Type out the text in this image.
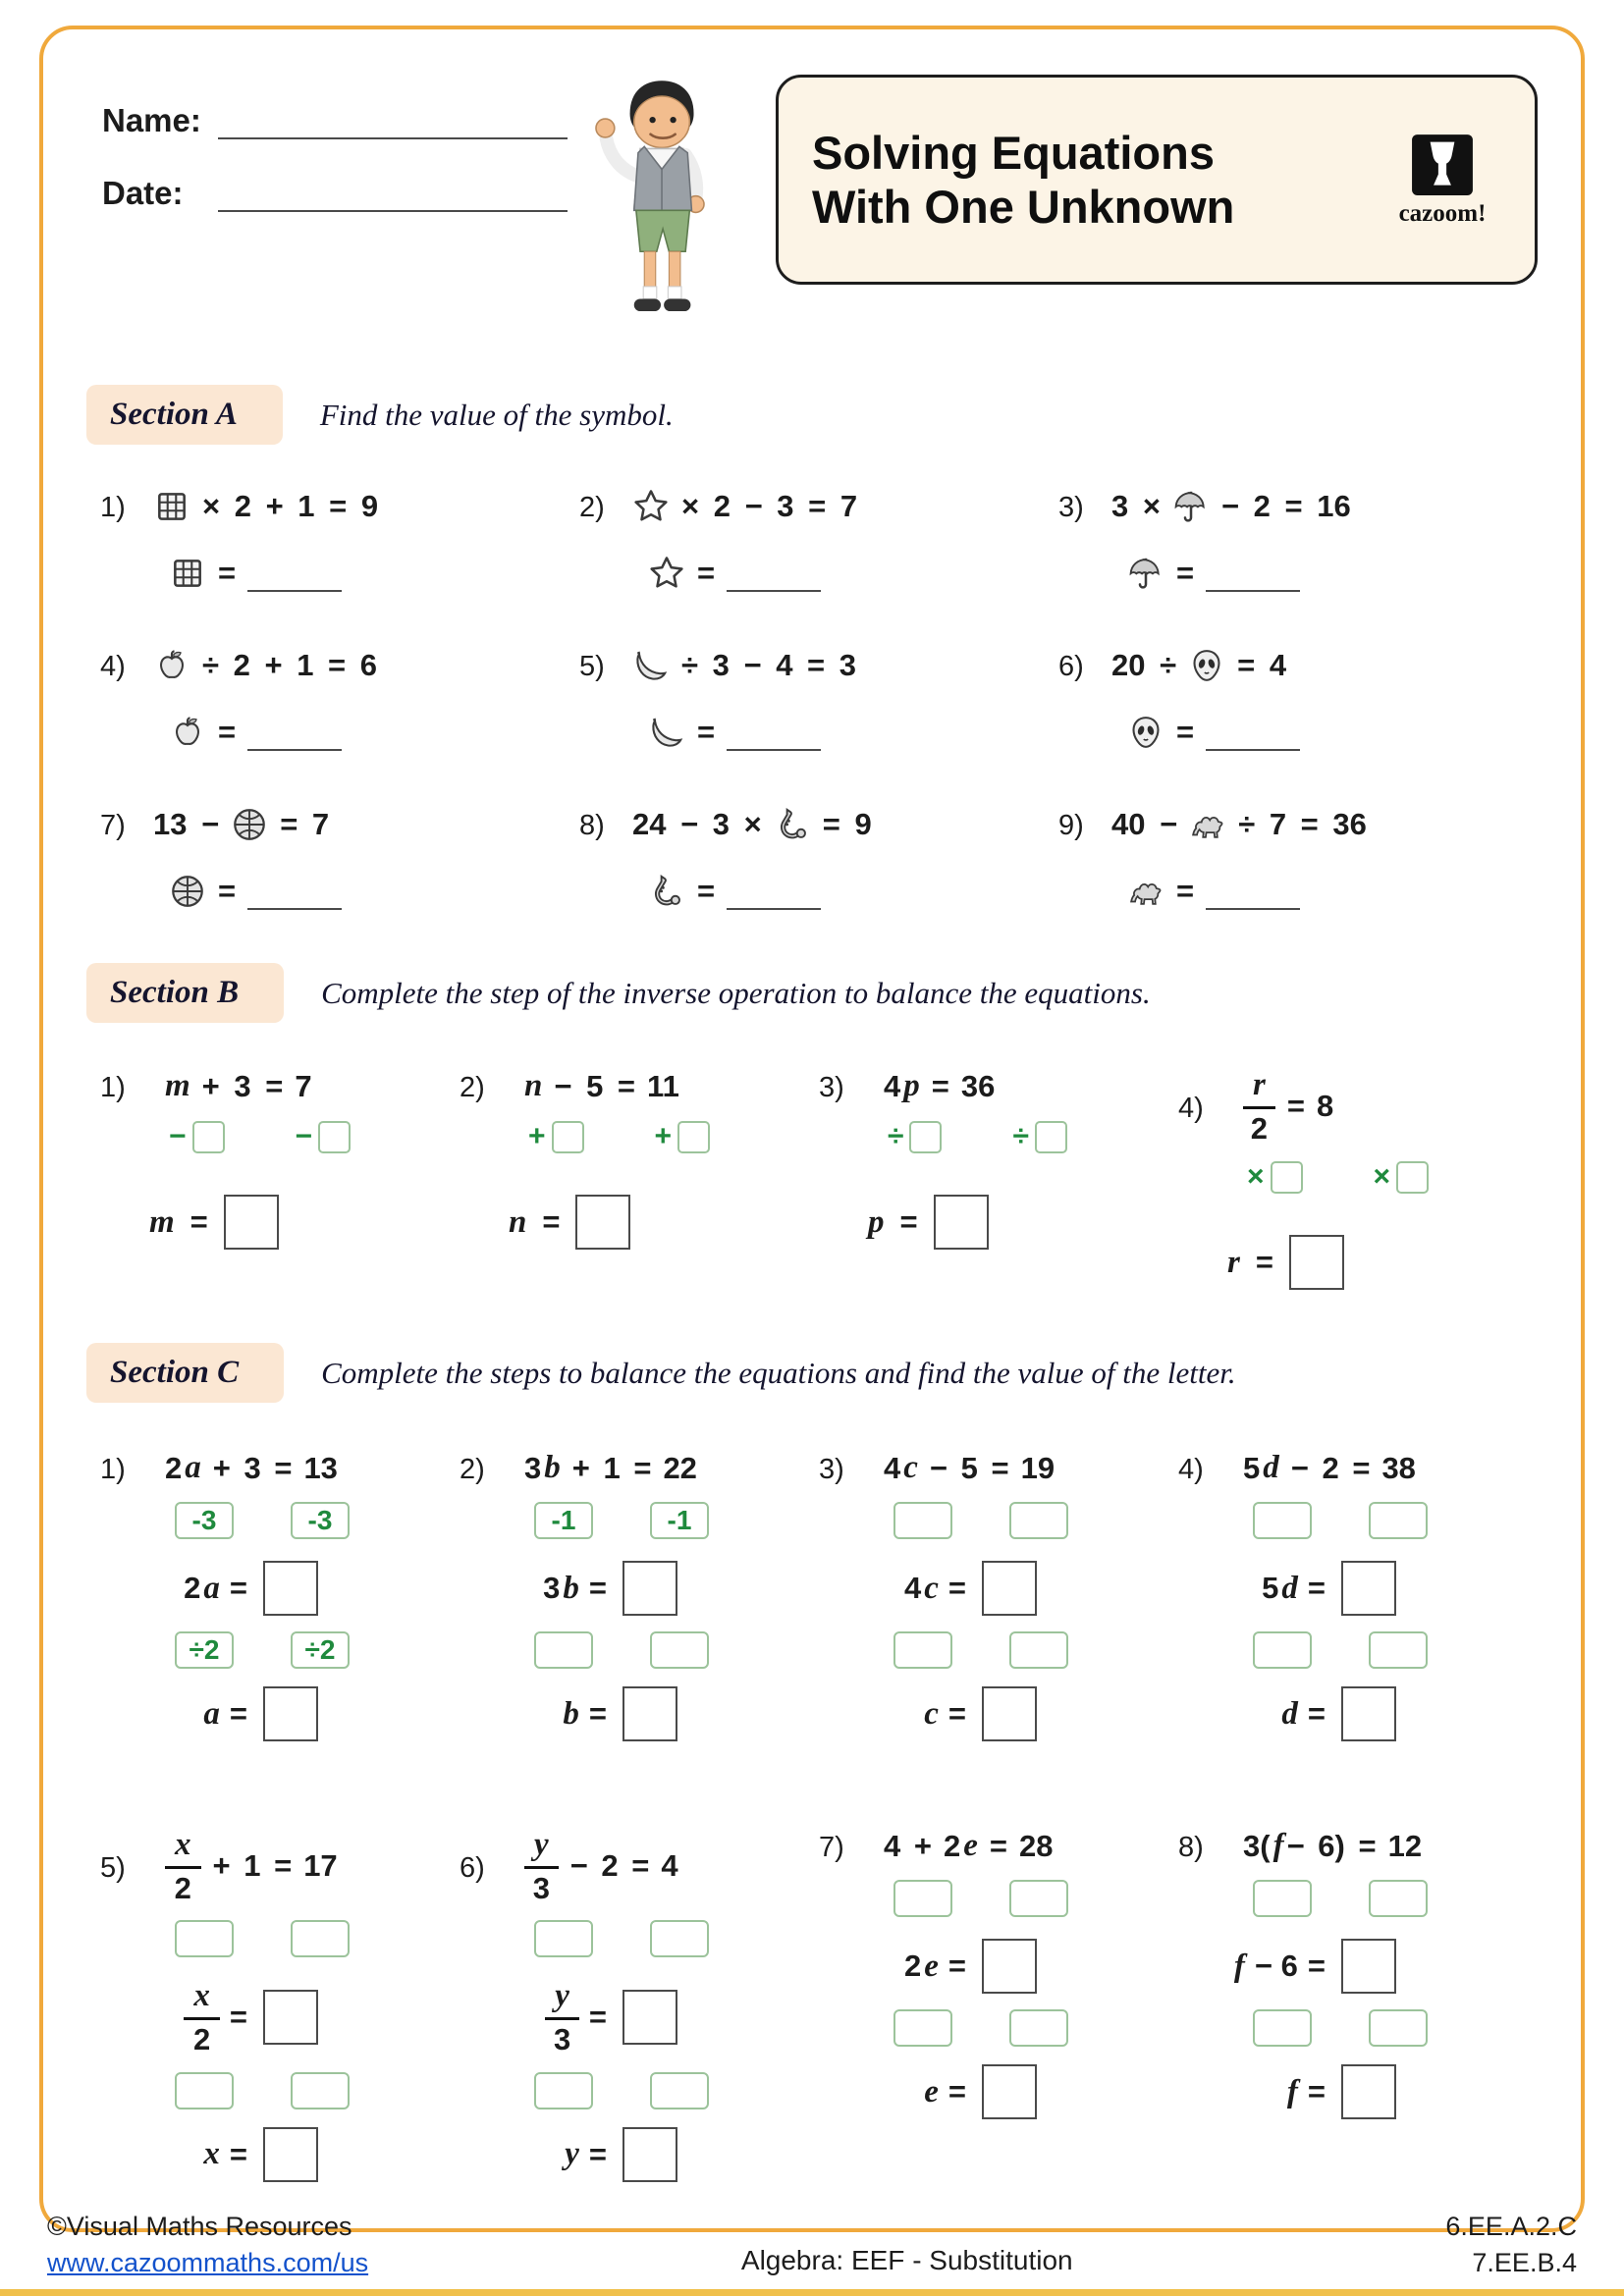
Name:
Date:
Solving Equations
With One Unknown	cazoom!
Section A	Find the value of the symbol.
1)	× 2 + 1 = 9
=
2)	× 2 − 3 = 7
=
3) 3 × − 2 = 16
=
4)	÷ 2 + 1 = 6
=
5)	÷ 3 − 4 = 3
=
6) 20 ÷ = 4
=
7) 13 − = 7
=
8) 24 − 3 × = 9
=
9) 40 − ÷ 7 = 36
=
Section B	Complete the step of the inverse operation to balance the equations.
1)	m + 3 = 7
−	−
m =
2)	n − 5 = 11
+	+
n =
3)	4 p = 36
÷	÷
p =
4)	$\frac{r}{2} = 8$
×	×
r =
Section C	Complete the steps to balance the equations and find the value of the letter.
1)	2 a + 3 = 13
-3	-3
2 a =
÷2	÷2
a =
2)	3 b + 1 = 22
-1	-1
3 b =
b =
3)	4 c − 5 = 19
4 c =
c =
4)	5 d − 2 = 38
5 d =
d =
5)	$\frac{x}{2} + 1 = 17$
$\frac{x}{2}$ =
x =
6)	$\frac{y}{3} - 2 = 4$
$\frac{y}{3}$ =
y =
7)	4 + 2 e = 28
2 e =
e =
8)	3( f − 6) = 12
f − 6 =
f =
©Visual Maths Resources
www.cazoommaths.com/us	Algebra: EEF - Substitution
6.EE.A.2.C
7.EE.B.4
